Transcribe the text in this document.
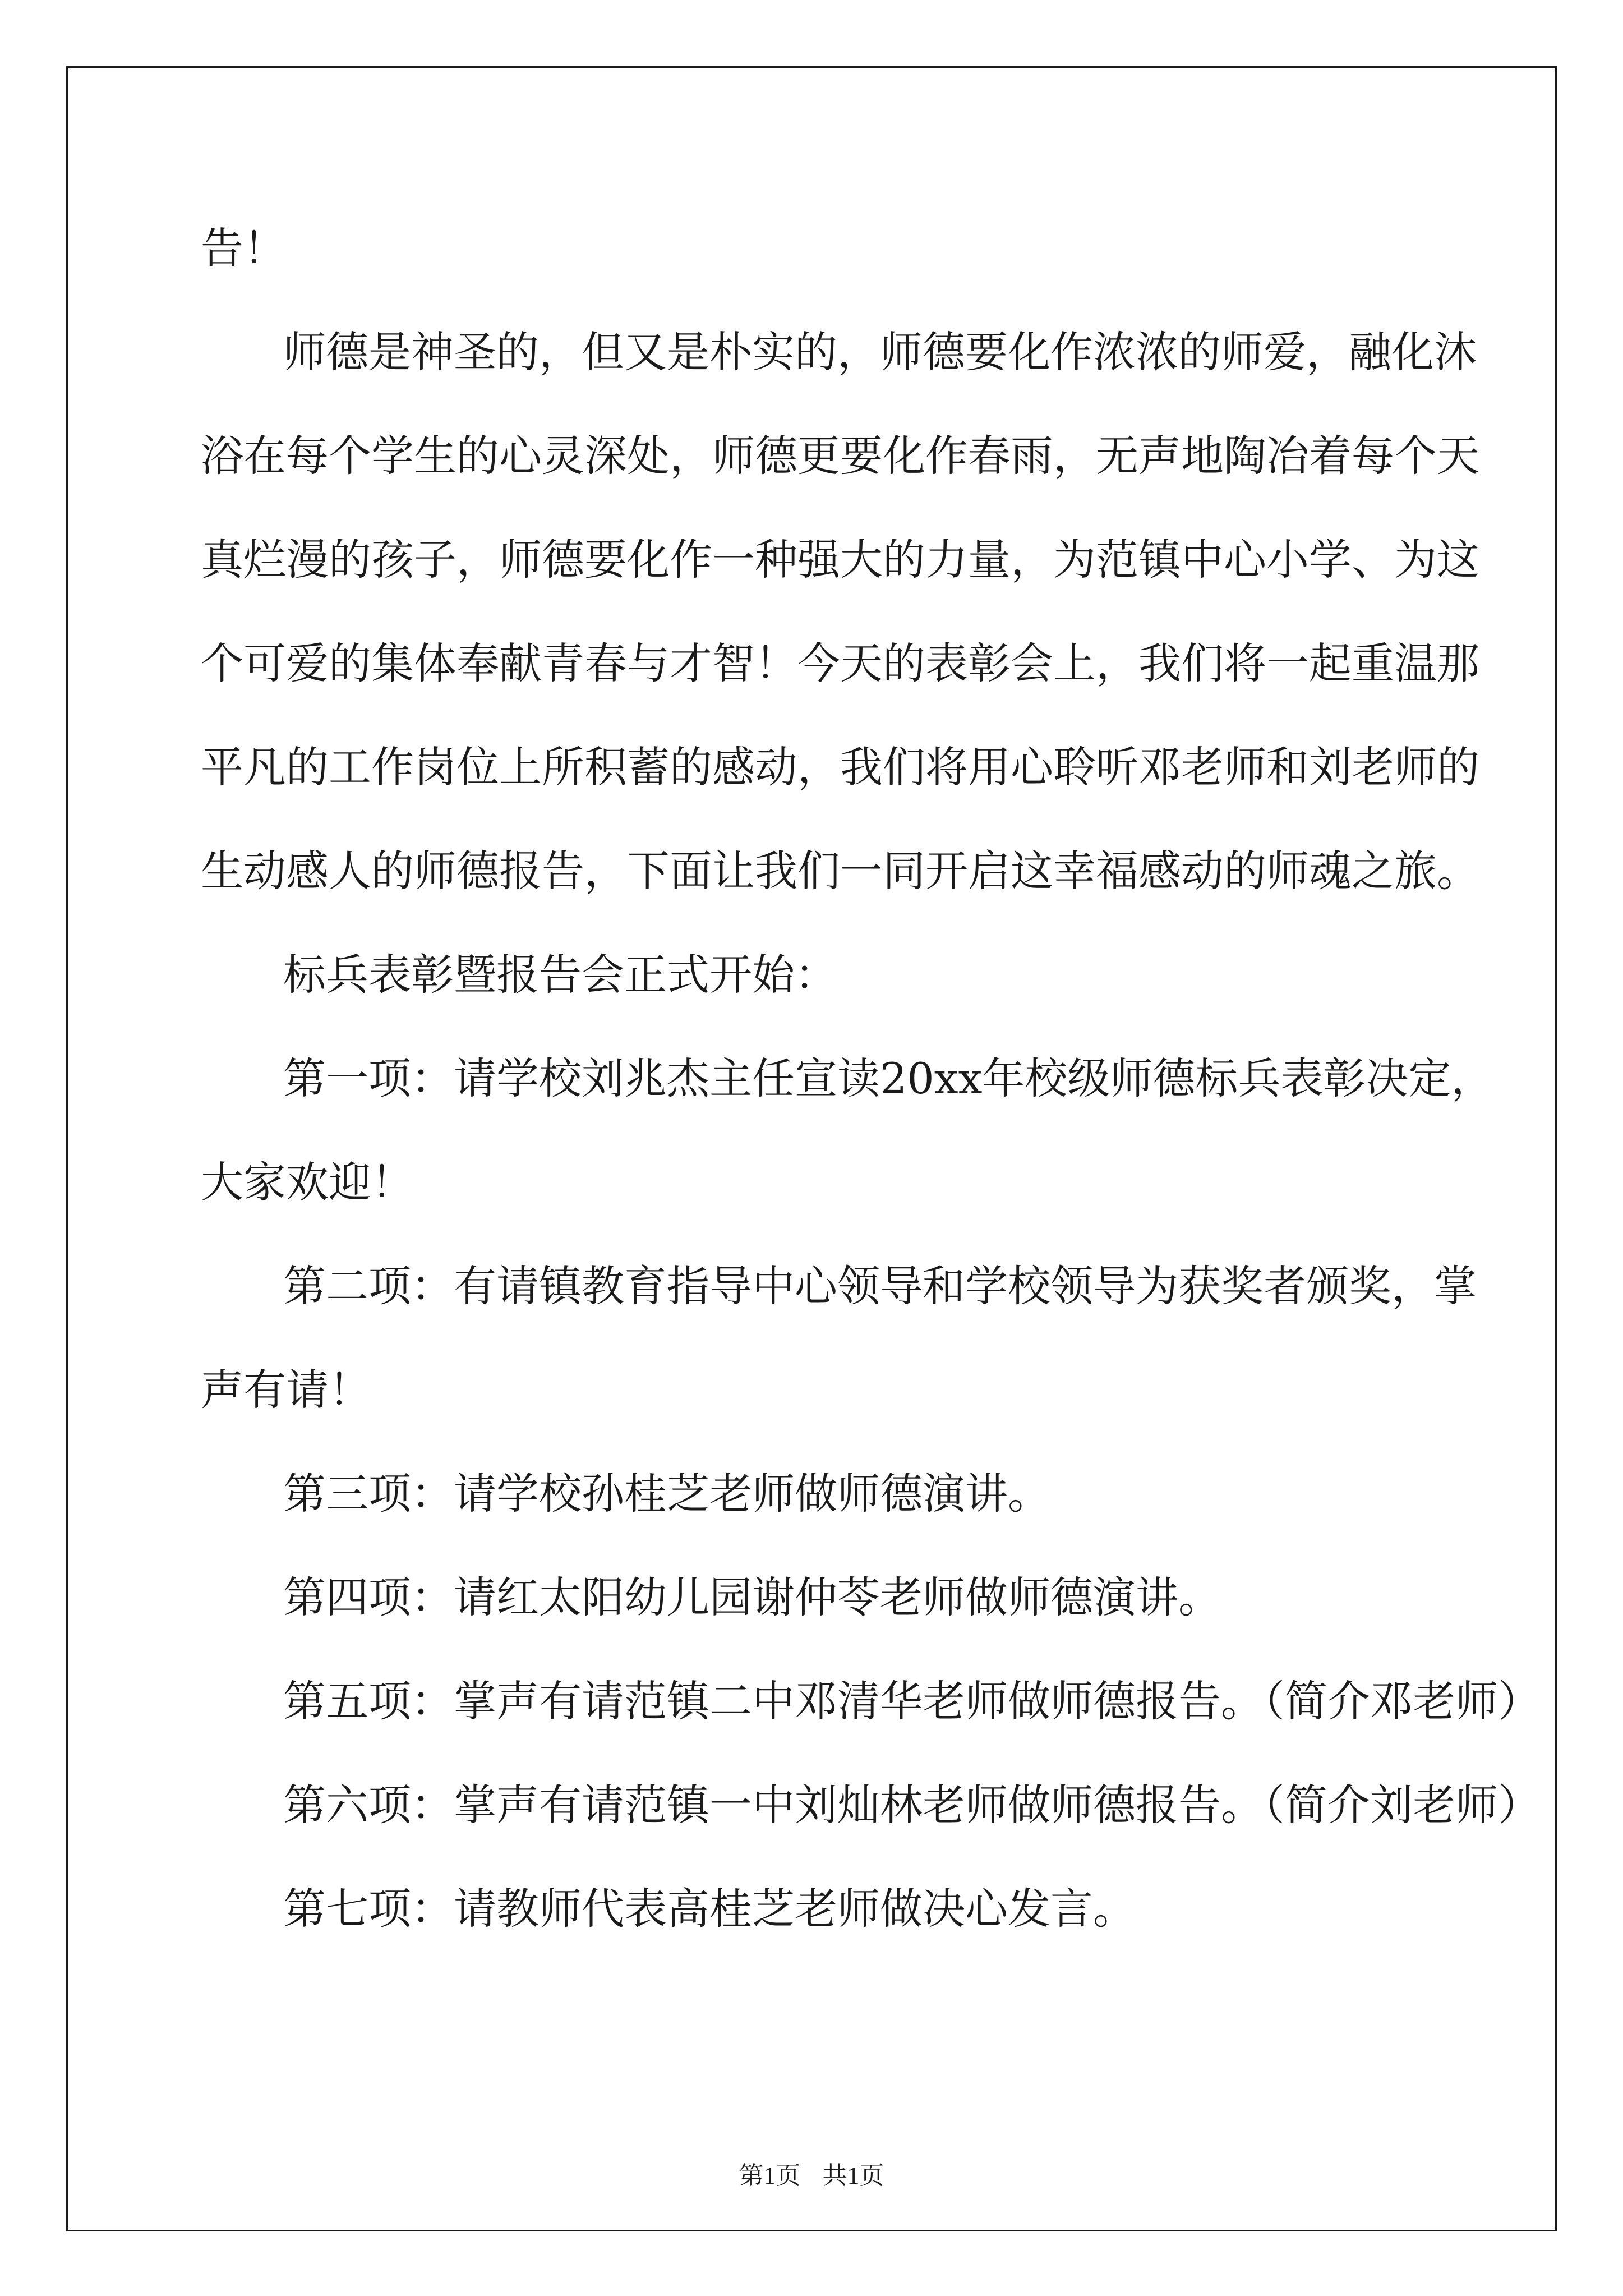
告！

师德是神圣的，但又是朴实的，师德要化作浓浓的师爱，融化沐

浴在每个学生的心灵深处，师德更要化作春雨，无声地陶冶着每个天

真烂漫的孩子，师德要化作一种强大的力量，为范镇中心小学、为这

个可爱的集体奉献青春与才智！今天的表彰会上，我们将一起重温那

平凡的工作岗位上所积蓄的感动，我们将用心聆听邓老师和刘老师的

生动感人的师德报告，下面让我们一同开启这幸福感动的师魂之旅。

标兵表彰暨报告会正式开始：

第一项：请学校刘兆杰主任宣读20xx年校级师德标兵表彰决定，

大家欢迎！

第二项：有请镇教育指导中心领导和学校领导为获奖者颁奖，掌

声有请！

第三项：请学校孙桂芝老师做师德演讲。

第四项：请红太阳幼儿园谢仲苓老师做师德演讲。

第五项：掌声有请范镇二中邓清华老师做师德报告。（简介邓老师）

第六项：掌声有请范镇一中刘灿林老师做师德报告。（简介刘老师）

第七项：请教师代表高桂芝老师做决心发言。

第1页 共1页
